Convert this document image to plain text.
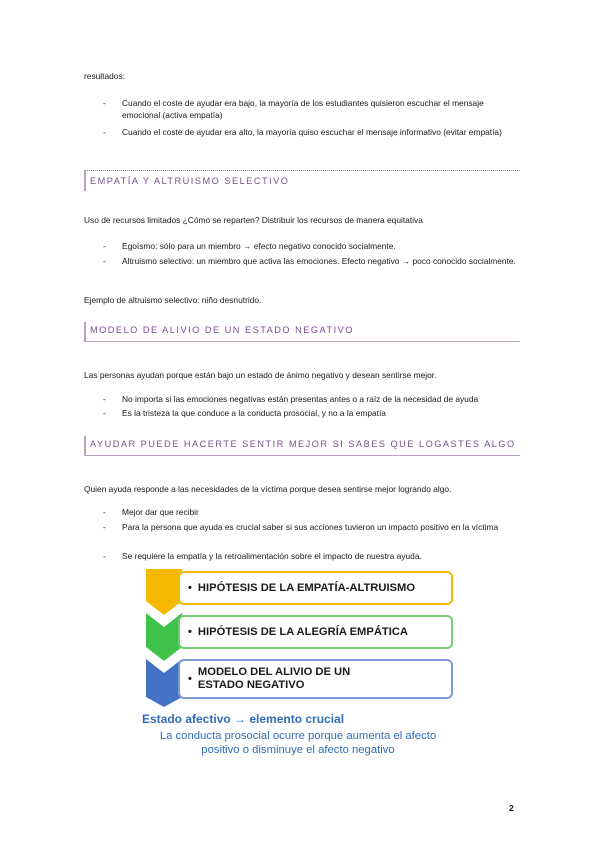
resultados:
- Cuando el coste de ayudar era bajo, la mayoría de los estudiantes quisieron escuchar el mensaje emocional (activa empatía)
- Cuando el coste de ayudar era alto, la mayoría quiso escuchar el mensaje informativo (evitar empatía)
EMPATÍA Y ALTRUISMO SELECTIVO
Uso de recursos limitados ¿Cómo se reparten? Distribuir los recursos de manera equitativa
- Egoísmo: sólo para un miembro → efecto negativo conocido socialmente.
- Altruismo selectivo: un miembro que activa las emociones. Efecto negativo → poco conocido socialmente.
Ejemplo de altruismo selectivo: niño desnutrido.
MODELO DE ALIVIO DE UN ESTADO NEGATIVO
Las personas ayudan porque están bajo un estado de ánimo negativo y desean sentirse mejor.
- No importa si las emociones negativas están presentas antes o a raíz de la necesidad de ayuda
- Es la tristeza la que conduce a la conducta prosocial, y no a la empatía
AYUDAR PUEDE HACERTE SENTIR MEJOR SI SABES QUE LOGASTES ALGO
Quien ayuda responde a las necesidades de la víctima porque desea sentirse mejor logrando algo.
- Mejor dar que recibir
- Para la persona que ayuda es crucial saber si sus acciones tuvieron un impacto positivo en la víctima
- Se requiere la empatía y la retroalimentación sobre el impacto de nuestra ayuda.
• HIPÓTESIS DE LA EMPATÍA-ALTRUISMO
• HIPÓTESIS DE LA ALEGRÍA EMPÁTICA
•
MODELO DEL ALIVIO DE UN ESTADO NEGATIVO
Estado afectivo → elemento crucial
La conducta prosocial ocurre porque aumenta el afecto positivo o disminuye el afecto negativo
2
